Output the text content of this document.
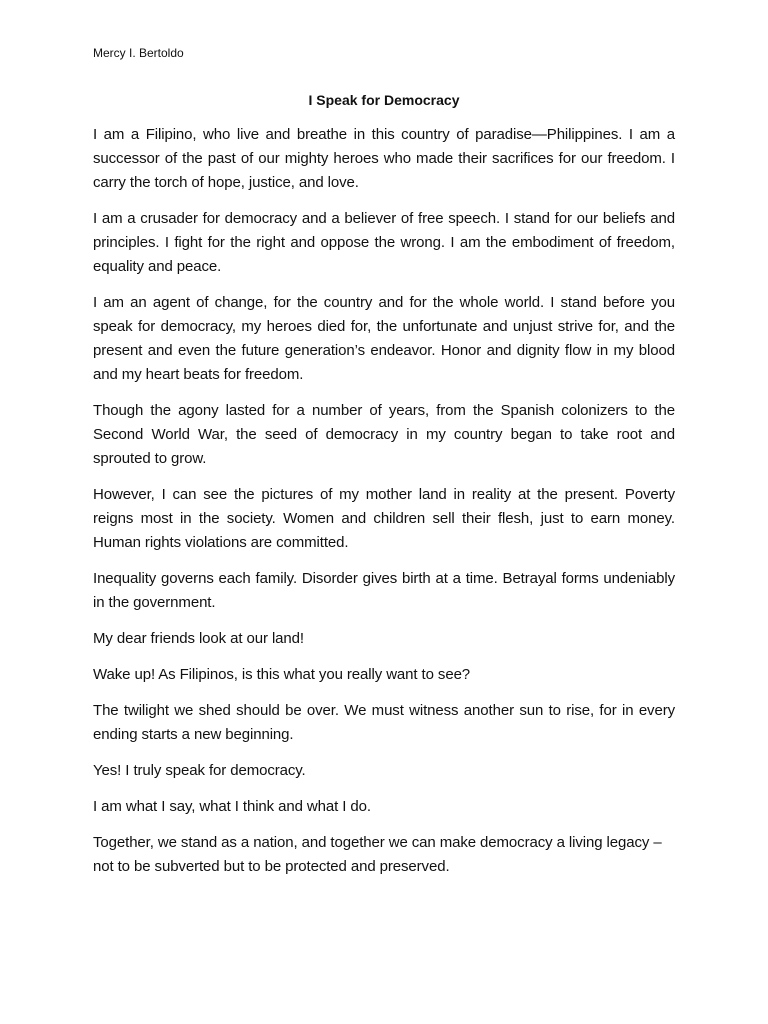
Mercy I. Bertoldo

I Speak for Democracy

I am a Filipino, who live and breathe in this country of paradise—Philippines. I am a successor of the past of our mighty heroes who made their sacrifices for our freedom. I carry the torch of hope, justice, and love.

I am a crusader for democracy and a believer of free speech. I stand for our beliefs and principles. I fight for the right and oppose the wrong. I am the embodiment of freedom, equality and peace.

I am an agent of change, for the country and for the whole world. I stand before you speak for democracy, my heroes died for, the unfortunate and unjust strive for, and the present and even the future generation’s endeavor. Honor and dignity flow in my blood and my heart beats for freedom.

Though the agony lasted for a number of years, from the Spanish colonizers to the Second World War, the seed of democracy in my country began to take root and sprouted to grow.

However, I can see the pictures of my mother land in reality at the present. Poverty reigns most in the society. Women and children sell their flesh, just to earn money. Human rights violations are committed.

Inequality governs each family. Disorder gives birth at a time. Betrayal forms undeniably in the government.

My dear friends look at our land!

Wake up! As Filipinos, is this what you really want to see?

The twilight we shed should be over. We must witness another sun to rise, for in every ending starts a new beginning.

Yes! I truly speak for democracy.

I am what I say, what I think and what I do.

Together, we stand as a nation, and together we can make democracy a living legacy – not to be subverted but to be protected and preserved.
